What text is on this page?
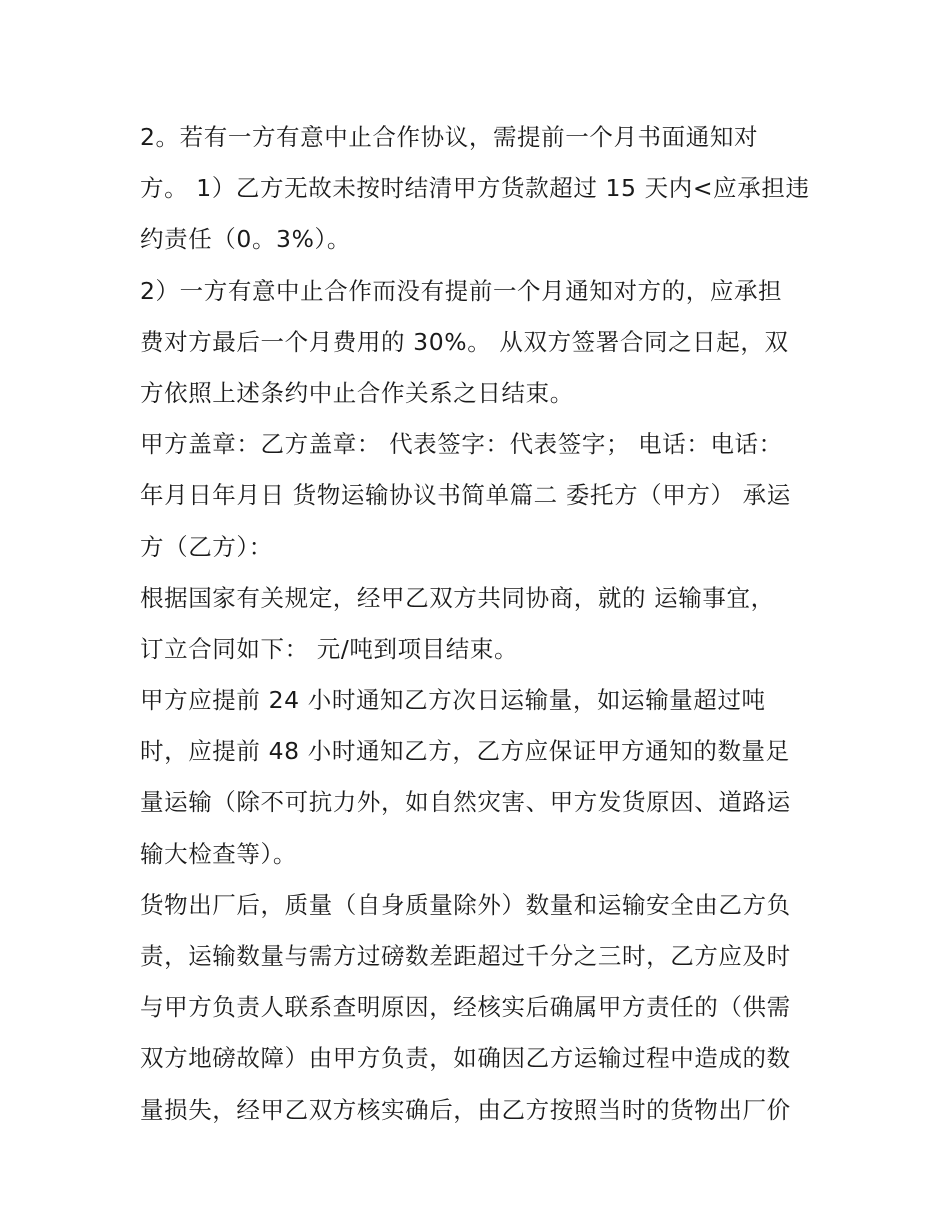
2。若有一方有意中止合作协议，需提前一个月书面通知对
方。 1）乙方无故未按时结清甲方货款超过 15 天内<应承担违
约责任（0。3%）。
2）一方有意中止合作而没有提前一个月通知对方的，应承担
费对方最后一个月费用的 30%。 从双方签署合同之日起，双
方依照上述条约中止合作关系之日结束。
甲方盖章：乙方盖章： 代表签字：代表签字； 电话：电话：
年月日年月日 货物运输协议书简单篇二 委托方（甲方） 承运
方（乙方）：
根据国家有关规定，经甲乙双方共同协商，就的 运输事宜，
订立合同如下： 元/吨到项目结束。
甲方应提前 24 小时通知乙方次日运输量，如运输量超过吨
时，应提前 48 小时通知乙方，乙方应保证甲方通知的数量足
量运输（除不可抗力外，如自然灾害、甲方发货原因、道路运
输大检查等）。
货物出厂后，质量（自身质量除外）数量和运输安全由乙方负
责，运输数量与需方过磅数差距超过千分之三时，乙方应及时
与甲方负责人联系查明原因，经核实后确属甲方责任的（供需
双方地磅故障）由甲方负责，如确因乙方运输过程中造成的数
量损失，经甲乙双方核实确后，由乙方按照当时的货物出厂价
